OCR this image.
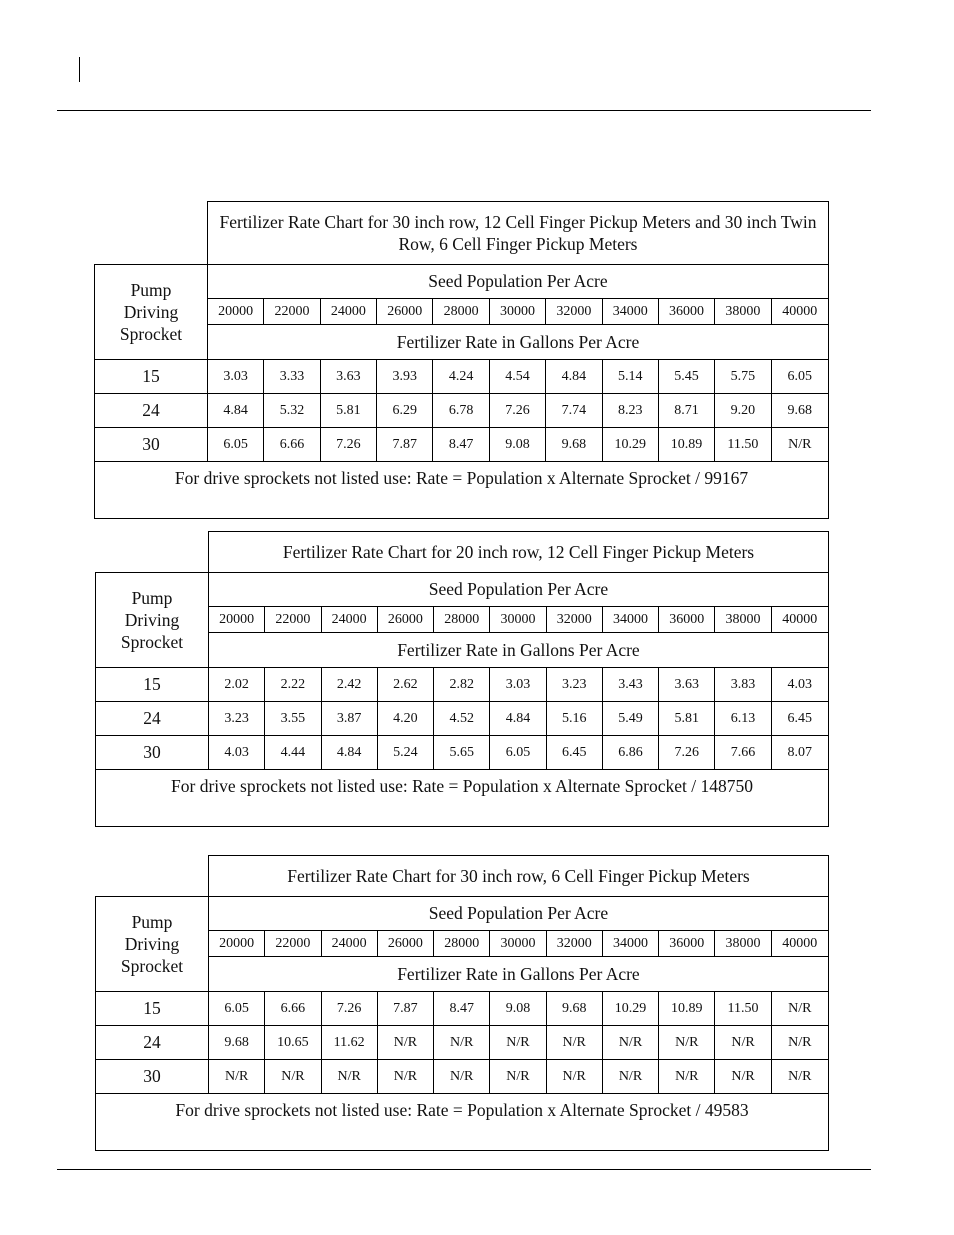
Fertilizer Rate Chart for 30 inch row, 12 Cell Finger Pickup Meters and 30 inch Twin Row, 6 Cell Finger Pickup Meters
Pump
Driving
Sprocket
Seed Population Per Acre
20000	22000	24000	26000	28000	30000	32000	34000	36000	38000	40000
Fertilizer Rate in Gallons Per Acre
15	3.03	3.33	3.63	3.93	4.24	4.54	4.84	5.14	5.45	5.75	6.05
24	4.84	5.32	5.81	6.29	6.78	7.26	7.74	8.23	8.71	9.20	9.68
30	6.05	6.66	7.26	7.87	8.47	9.08	9.68	10.29	10.89	11.50	N/R
For drive sprockets not listed use: Rate = Population x Alternate Sprocket / 99167
Fertilizer Rate Chart for 20 inch row, 12 Cell Finger Pickup Meters
Pump
Driving
Sprocket
Seed Population Per Acre
20000	22000	24000	26000	28000	30000	32000	34000	36000	38000	40000
Fertilizer Rate in Gallons Per Acre
15	2.02	2.22	2.42	2.62	2.82	3.03	3.23	3.43	3.63	3.83	4.03
24	3.23	3.55	3.87	4.20	4.52	4.84	5.16	5.49	5.81	6.13	6.45
30	4.03	4.44	4.84	5.24	5.65	6.05	6.45	6.86	7.26	7.66	8.07
For drive sprockets not listed use: Rate = Population x Alternate Sprocket / 148750
Fertilizer Rate Chart for 30 inch row, 6 Cell Finger Pickup Meters
Pump
Driving
Sprocket
Seed Population Per Acre
20000	22000	24000	26000	28000	30000	32000	34000	36000	38000	40000
Fertilizer Rate in Gallons Per Acre
15	6.05	6.66	7.26	7.87	8.47	9.08	9.68	10.29	10.89	11.50	N/R
24	9.68	10.65	11.62	N/R	N/R	N/R	N/R	N/R	N/R	N/R	N/R
30	N/R	N/R	N/R	N/R	N/R	N/R	N/R	N/R	N/R	N/R	N/R
For drive sprockets not listed use: Rate = Population x Alternate Sprocket / 49583
